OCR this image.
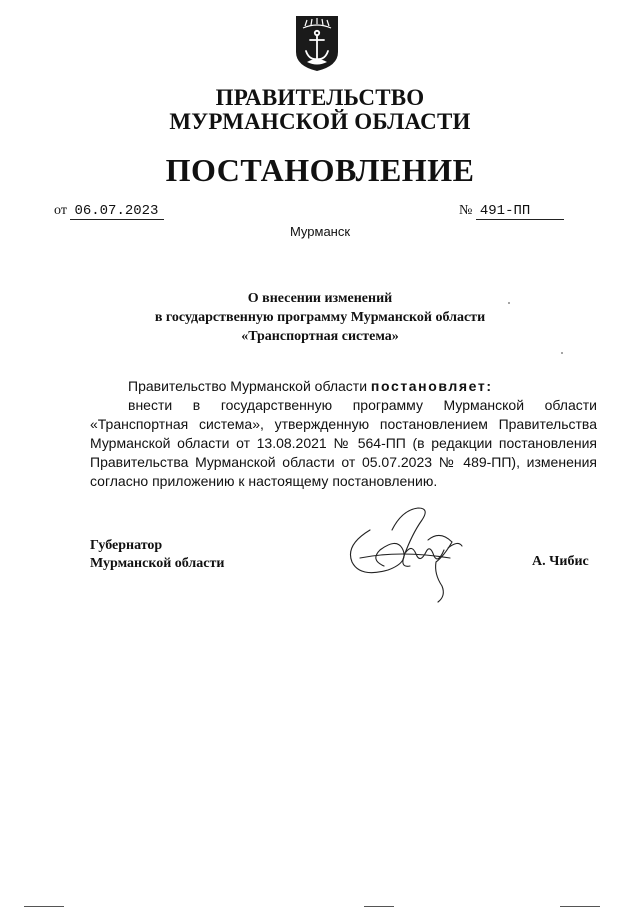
ПРАВИТЕЛЬСТВО
МУРМАНСКОЙ ОБЛАСТИ
ПОСТАНОВЛЕНИЕ
от 06.07.2023	№ 491-ПП
Мурманск
О внесении изменений
в государственную программу Мурманской области
«Транспортная система»
Правительство Мурманской области постановляет:
внести в государственную программу Мурманской области «Транспортная система», утвержденную постановлением Правительства Мурманской области от 13.08.2021 № 564-ПП (в редакции постановления Правительства Мурманской области от 05.07.2023 № 489-ПП), изменения согласно приложению к настоящему постановлению.
Губернатор
Мурманской области	А. Чибис
